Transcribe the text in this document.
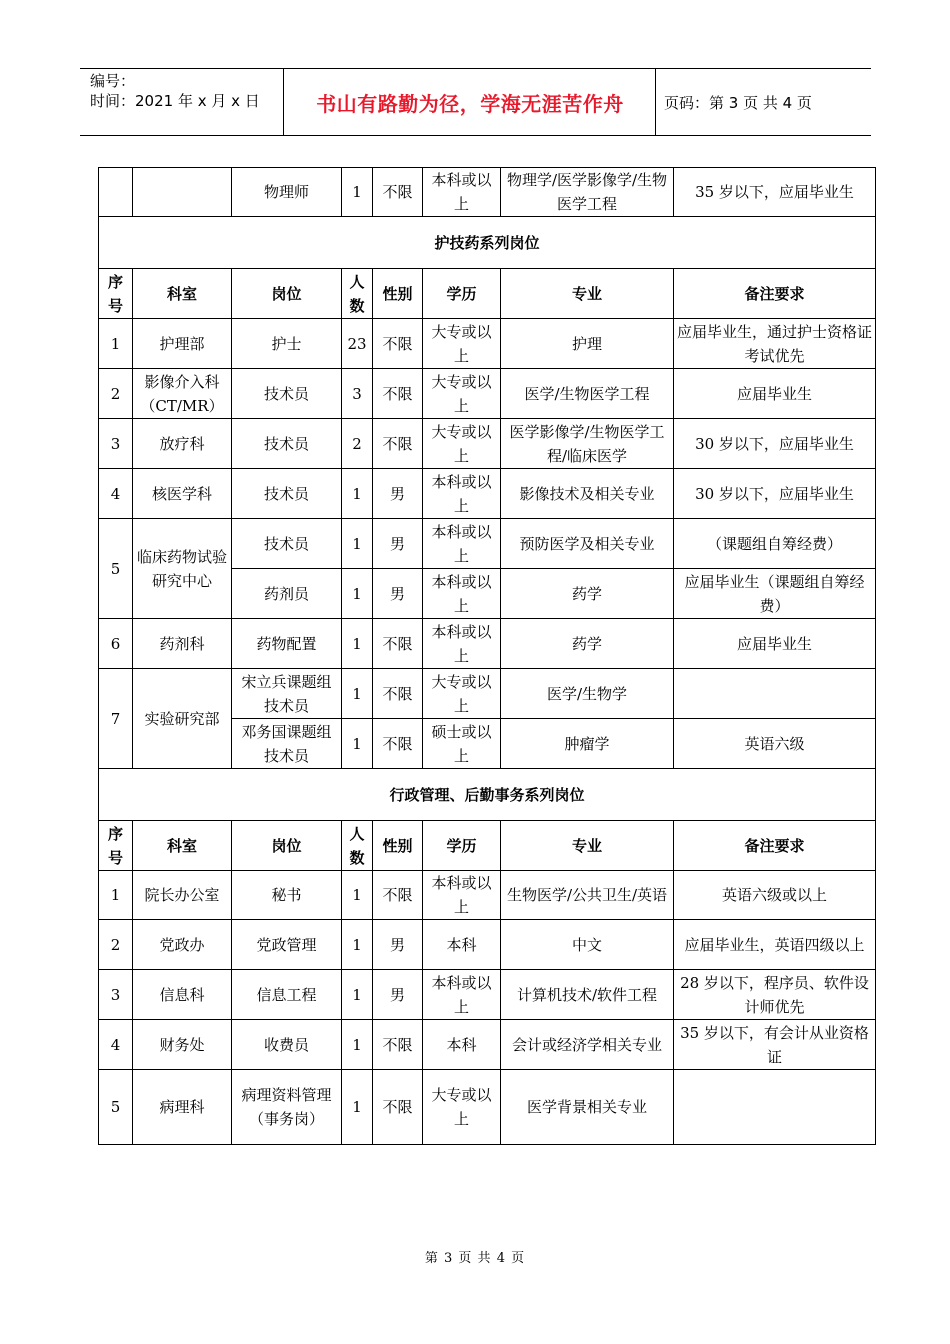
编号：
时间：2021 年 x 月 x 日	书山有路勤为径，学海无涯苦作舟	页码：第 3 页 共 4 页
		物理师	1	不限	本科或以上	物理学/医学影像学/生物医学工程	35 岁以下，应届毕业生
护技药系列岗位							
序号	科室	岗位	人数	性别	学历	专业	备注要求
1	护理部	护士	23	不限	大专或以上	护理	应届毕业生，通过护士资格证考试优先
2	影像介入科（CT/MR）	技术员	3	不限	大专或以上	医学/生物医学工程	应届毕业生
3	放疗科	技术员	2	不限	大专或以上	医学影像学/生物医学工程/临床医学	30 岁以下，应届毕业生
4	核医学科	技术员	1	男	本科或以上	影像技术及相关专业	30 岁以下，应届毕业生
5	临床药物试验研究中心	技术员	1	男	本科或以上	预防医学及相关专业	（课题组自筹经费）
		药剂员	1	男	本科或以上	药学	应届毕业生（课题组自筹经费）
6	药剂科	药物配置	1	不限	本科或以上	药学	应届毕业生
7	实验研究部	宋立兵课题组技术员	1	不限	大专或以上	医学/生物学	
		邓务国课题组技术员	1	不限	硕士或以上	肿瘤学	英语六级
行政管理、后勤事务系列岗位							
序号	科室	岗位	人数	性别	学历	专业	备注要求
1	院长办公室	秘书	1	不限	本科或以上	生物医学/公共卫生/英语	英语六级或以上
2	党政办	党政管理	1	男	本科	中文	应届毕业生，英语四级以上
3	信息科	信息工程	1	男	本科或以上	计算机技术/软件工程	28 岁以下，程序员、软件设计师优先
4	财务处	收费员	1	不限	本科	会计或经济学相关专业	35 岁以下，有会计从业资格证
5	病理科	病理资料管理（事务岗）	1	不限	大专或以上	医学背景相关专业	
第 3 页 共 4 页
